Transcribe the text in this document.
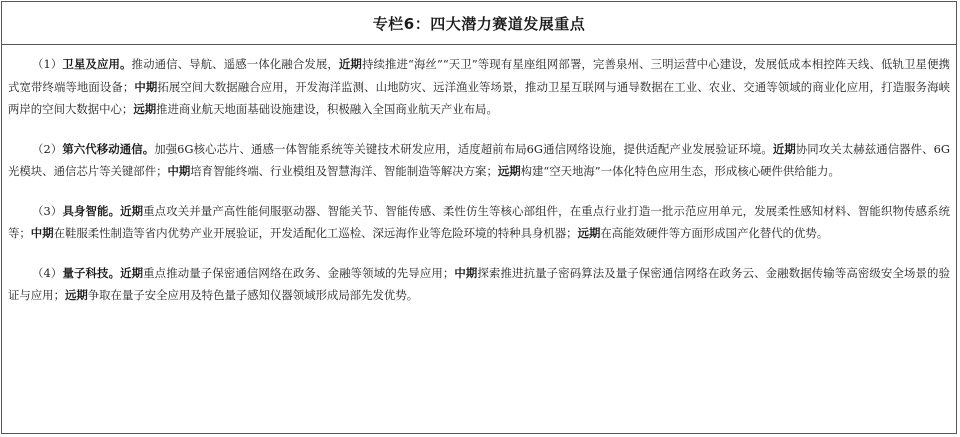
专栏6：四大潜力赛道发展重点

（1）卫星及应用。推动通信、导航、遥感一体化融合发展，近期持续推进“海丝”“天卫”等现有星座组网部署，完善泉州、三明运营中心建设，发展低成本相控阵天线、低轨卫星便携式宽带终端等地面设备；中期拓展空间大数据融合应用，开发海洋监测、山地防灾、远洋渔业等场景，推动卫星互联网与通导数据在工业、农业、交通等领域的商业化应用，打造服务海峡两岸的空间大数据中心；远期推进商业航天地面基础设施建设，积极融入全国商业航天产业布局。

（2）第六代移动通信。加强6G核心芯片、通感一体智能系统等关键技术研发应用，适度超前布局6G通信网络设施，提供适配产业发展验证环境。近期协同攻关太赫兹通信器件、6G光模块、通信芯片等关键部件；中期培育智能终端、行业模组及智慧海洋、智能制造等解决方案；远期构建“空天地海”一体化特色应用生态，形成核心硬件供给能力。

（3）具身智能。近期重点攻关并量产高性能伺服驱动器、智能关节、智能传感、柔性仿生等核心部组件，在重点行业打造一批示范应用单元，发展柔性感知材料、智能织物传感系统等；中期在鞋服柔性制造等省内优势产业开展验证，开发适配化工巡检、深远海作业等危险环境的特种具身机器；远期在高能效硬件等方面形成国产化替代的优势。

（4）量子科技。近期重点推动量子保密通信网络在政务、金融等领域的先导应用；中期探索推进抗量子密码算法及量子保密通信网络在政务云、金融数据传输等高密级安全场景的验证与应用；远期争取在量子安全应用及特色量子感知仪器领域形成局部先发优势。
